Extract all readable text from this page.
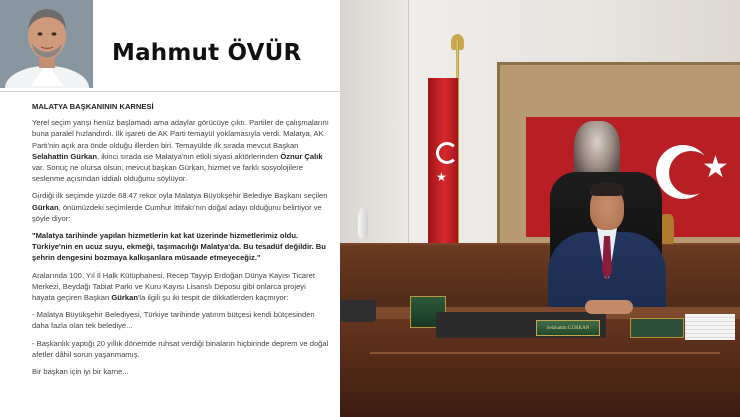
Mahmut ÖVÜR

MALATYA BAŞKANININ KARNESİ

Yerel seçim yarışı henüz başlamadı ama adaylar görücüye çıktı. Partiler de çalışmalarını buna paralel hızlandırdı. İlk işareti de AK Parti temayül yoklamasıyla verdi. Malatya, AK Parti'nin açık ara önde olduğu illerden biri. Temayülde ilk sırada mevcut Başkan Selahattin Gürkan, ikinci sırada ise Malatya'nın etkili siyasi aktörlerinden Öznur Çalık var. Sonuç ne olursa olsun, mevcut başkan Gürkan, hizmet ve farklı sosyolojilere seslenme açısından iddialı olduğunu söylüyor.

Girdiği ilk seçimde yüzde 68.47 rekor oyla Malatya Büyükşehir Belediye Başkanı seçilen Gürkan, önümüzdeki seçimlerde Cumhur İttifakı'nın doğal adayı olduğunu belirtiyor ve şöyle diyor:

"Malatya tarihinde yapılan hizmetlerin kat kat üzerinde hizmetlerimiz oldu. Türkiye'nin en ucuz suyu, ekmeği, taşımacılığı Malatya'da. Bu tesadüf değildir. Bu şehrin dengesini bozmaya kalkışanlara müsaade etmeyeceğiz."

Aralarında 100. Yıl İl Halk Kütüphanesi, Recep Tayyip Erdoğan Dünya Kayısı Ticaret Merkezi, Beydağı Tabiat Parkı ve Kuru Kayısı Lisanslı Deposu gibi onlarca projeyi hayata geçiren Başkan Gürkan'la ilgili şu iki tespit de dikkatlerden kaçmıyor:

- Malatya Büyükşehir Belediyesi, Türkiye tarihinde yatırım bütçesi kendi bütçesinden daha fazla olan tek belediye...

- Başkanlık yaptığı 20 yıllık dönemde ruhsat verdiği binaların hiçbirinde deprem ve doğal afetler dâhil sorun yaşanmamış.

Bir başkan için iyi bir karne...

★
★
Selahattin GÜRKAN
